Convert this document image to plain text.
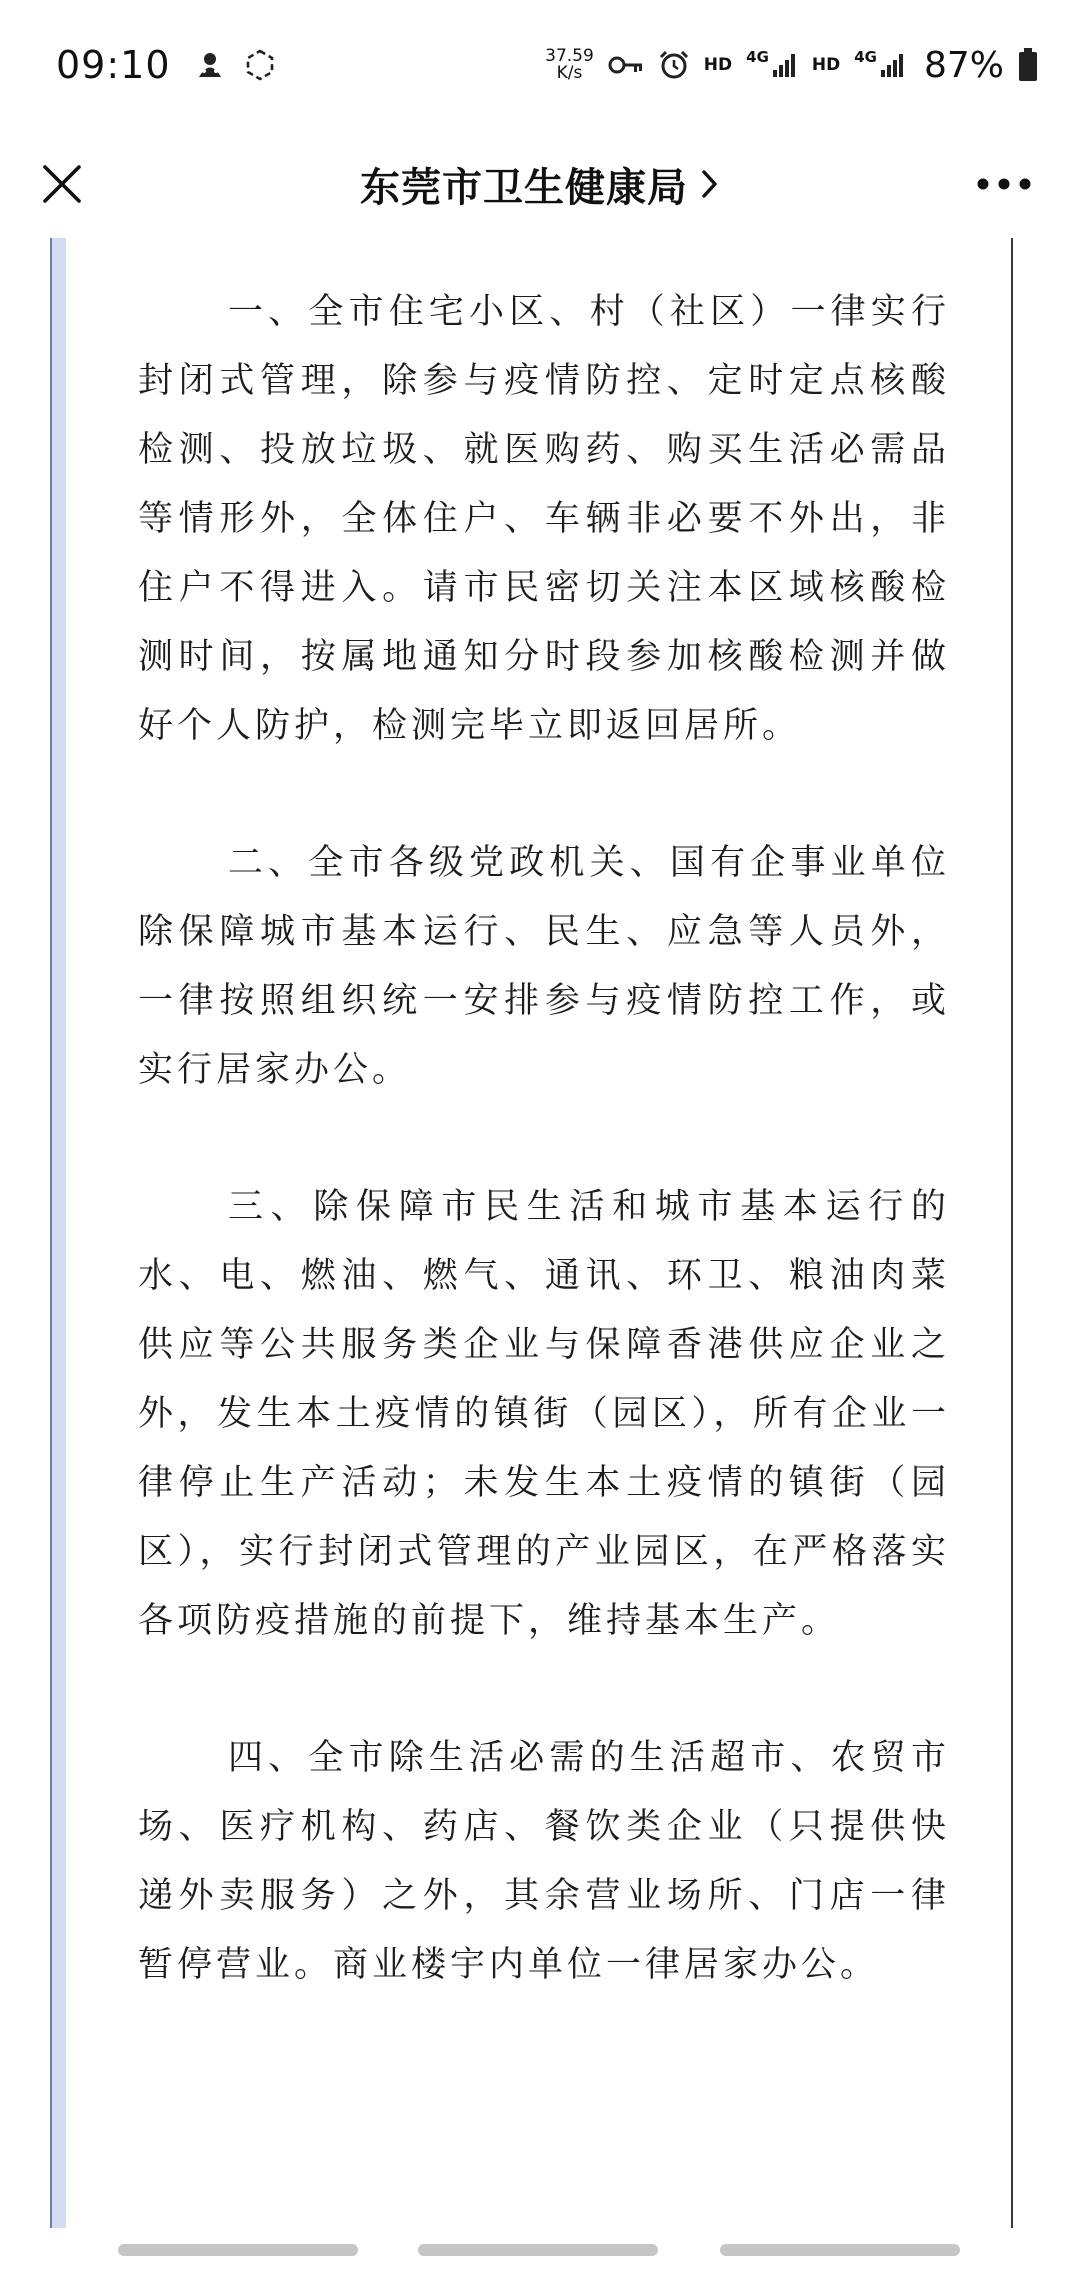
09:10	37.59
K/s	HD 4G	HD 4G 87%
东莞市卫生健康局

一、全市住宅小区、村（社区）一律实行封闭式管理，除参与疫情防控、定时定点核酸检测、投放垃圾、就医购药、购买生活必需品等情形外，全体住户、车辆非必要不外出，非住户不得进入。请市民密切关注本区域核酸检测时间，按属地通知分时段参加核酸检测并做好个人防护，检测完毕立即返回居所。

二、全市各级党政机关、国有企事业单位除保障城市基本运行、民生、应急等人员外，一律按照组织统一安排参与疫情防控工作，或实行居家办公。

三、除保障市民生活和城市基本运行的水、电、燃油、燃气、通讯、环卫、粮油肉菜供应等公共服务类企业与保障香港供应企业之外，发生本土疫情的镇街（园区），所有企业一律停止生产活动；未发生本土疫情的镇街（园区），实行封闭式管理的产业园区，在严格落实各项防疫措施的前提下，维持基本生产。

四、全市除生活必需的生活超市、农贸市场、医疗机构、药店、餐饮类企业（只提供快递外卖服务）之外，其余营业场所、门店一律暂停营业。商业楼宇内单位一律居家办公。
